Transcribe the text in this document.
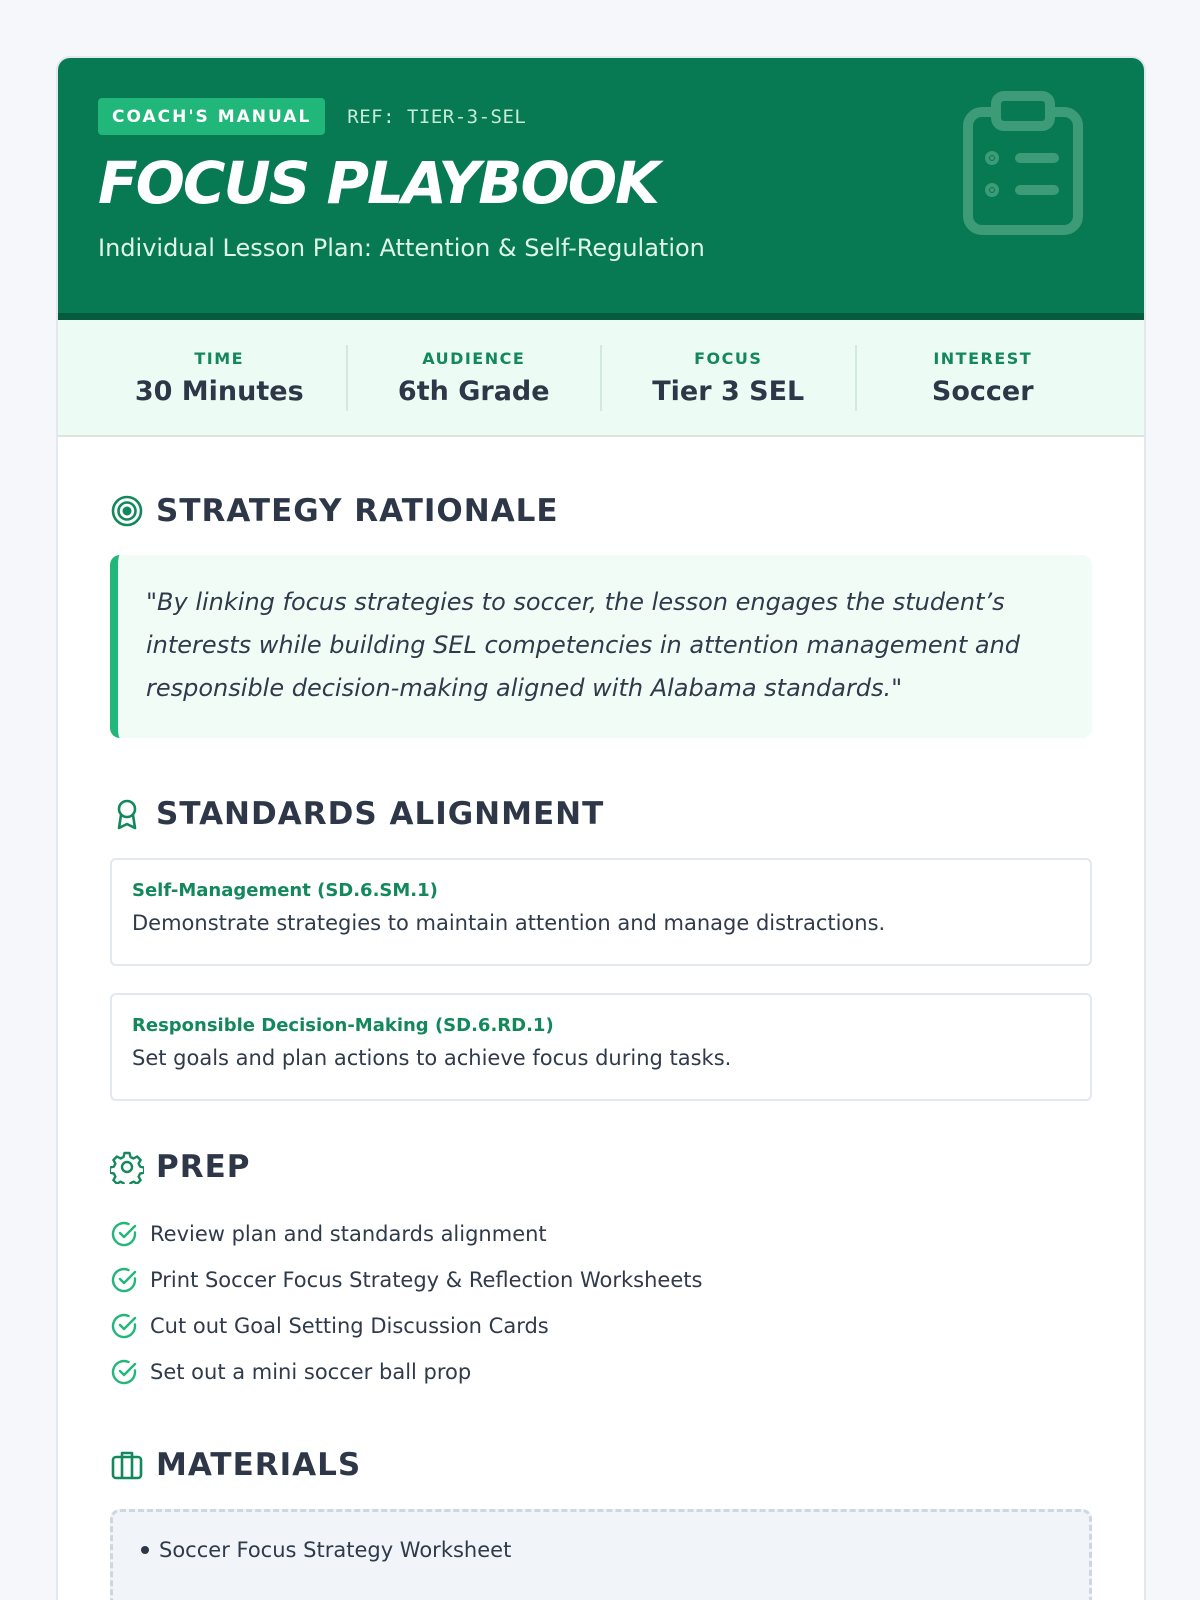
COACH'S MANUAL	REF: TIER-3-SEL
FOCUS PLAYBOOK
Individual Lesson Plan: Attention & Self-Regulation
TIME
30 Minutes
AUDIENCE
6th Grade
FOCUS
Tier 3 SEL
INTEREST
Soccer
STRATEGY RATIONALE
"By linking focus strategies to soccer, the lesson engages the student’s interests while building SEL competencies in attention management and responsible decision-making aligned with Alabama standards."
STANDARDS ALIGNMENT
Self-Management (SD.6.SM.1)
Demonstrate strategies to maintain attention and manage distractions.
Responsible Decision-Making (SD.6.RD.1)
Set goals and plan actions to achieve focus during tasks.
PREP
Review plan and standards alignment
Print Soccer Focus Strategy & Reflection Worksheets
Cut out Goal Setting Discussion Cards
Set out a mini soccer ball prop
MATERIALS
Soccer Focus Strategy Worksheet
